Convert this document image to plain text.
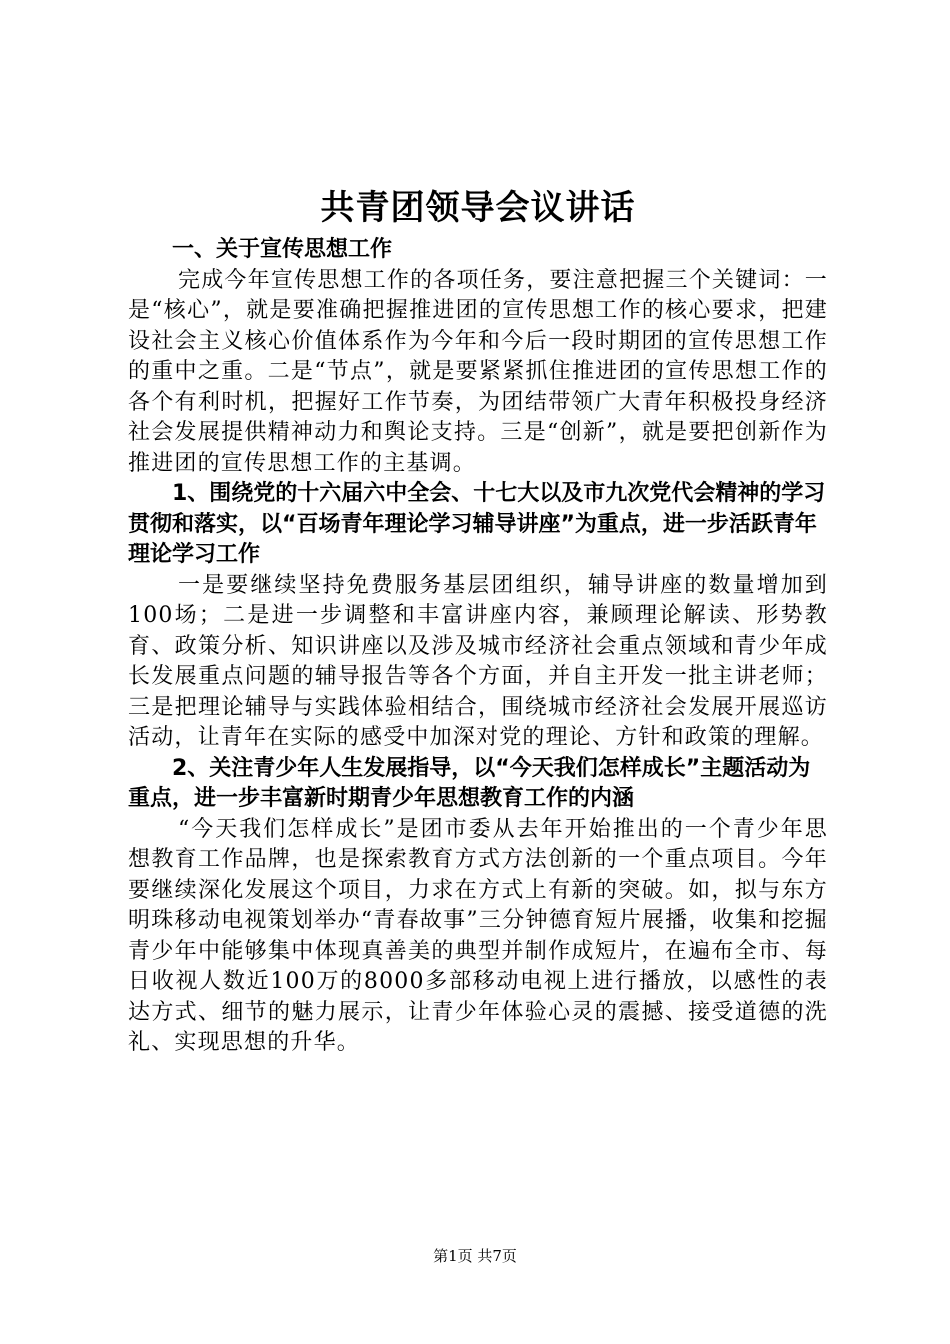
共青团领导会议讲话

一、关于宣传思想工作

完成今年宣传思想工作的各项任务，要注意把握三个关键词：一是“核心”，就是要准确把握推进团的宣传思想工作的核心要求，把建设社会主义核心价值体系作为今年和今后一段时期团的宣传思想工作的重中之重。二是“节点”，就是要紧紧抓住推进团的宣传思想工作的各个有利时机，把握好工作节奏，为团结带领广大青年积极投身经济社会发展提供精神动力和舆论支持。三是“创新”，就是要把创新作为推进团的宣传思想工作的主基调。

1、围绕党的十六届六中全会、十七大以及市九次党代会精神的学习贯彻和落实，以“百场青年理论学习辅导讲座”为重点，进一步活跃青年理论学习工作

一是要继续坚持免费服务基层团组织，辅导讲座的数量增加到100场；二是进一步调整和丰富讲座内容，兼顾理论解读、形势教育、政策分析、知识讲座以及涉及城市经济社会重点领域和青少年成长发展重点问题的辅导报告等各个方面，并自主开发一批主讲老师；三是把理论辅导与实践体验相结合，围绕城市经济社会发展开展巡访活动，让青年在实际的感受中加深对党的理论、方针和政策的理解。

2、关注青少年人生发展指导，以“今天我们怎样成长”主题活动为重点，进一步丰富新时期青少年思想教育工作的内涵

“今天我们怎样成长”是团市委从去年开始推出的一个青少年思想教育工作品牌，也是探索教育方式方法创新的一个重点项目。今年要继续深化发展这个项目，力求在方式上有新的突破。如，拟与东方明珠移动电视策划举办“青春故事”三分钟德育短片展播，收集和挖掘青少年中能够集中体现真善美的典型并制作成短片，在遍布全市、每日收视人数近100万的8000多部移动电视上进行播放，以感性的表达方式、细节的魅力展示，让青少年体验心灵的震撼、接受道德的洗礼、实现思想的升华。

第1页 共7页
